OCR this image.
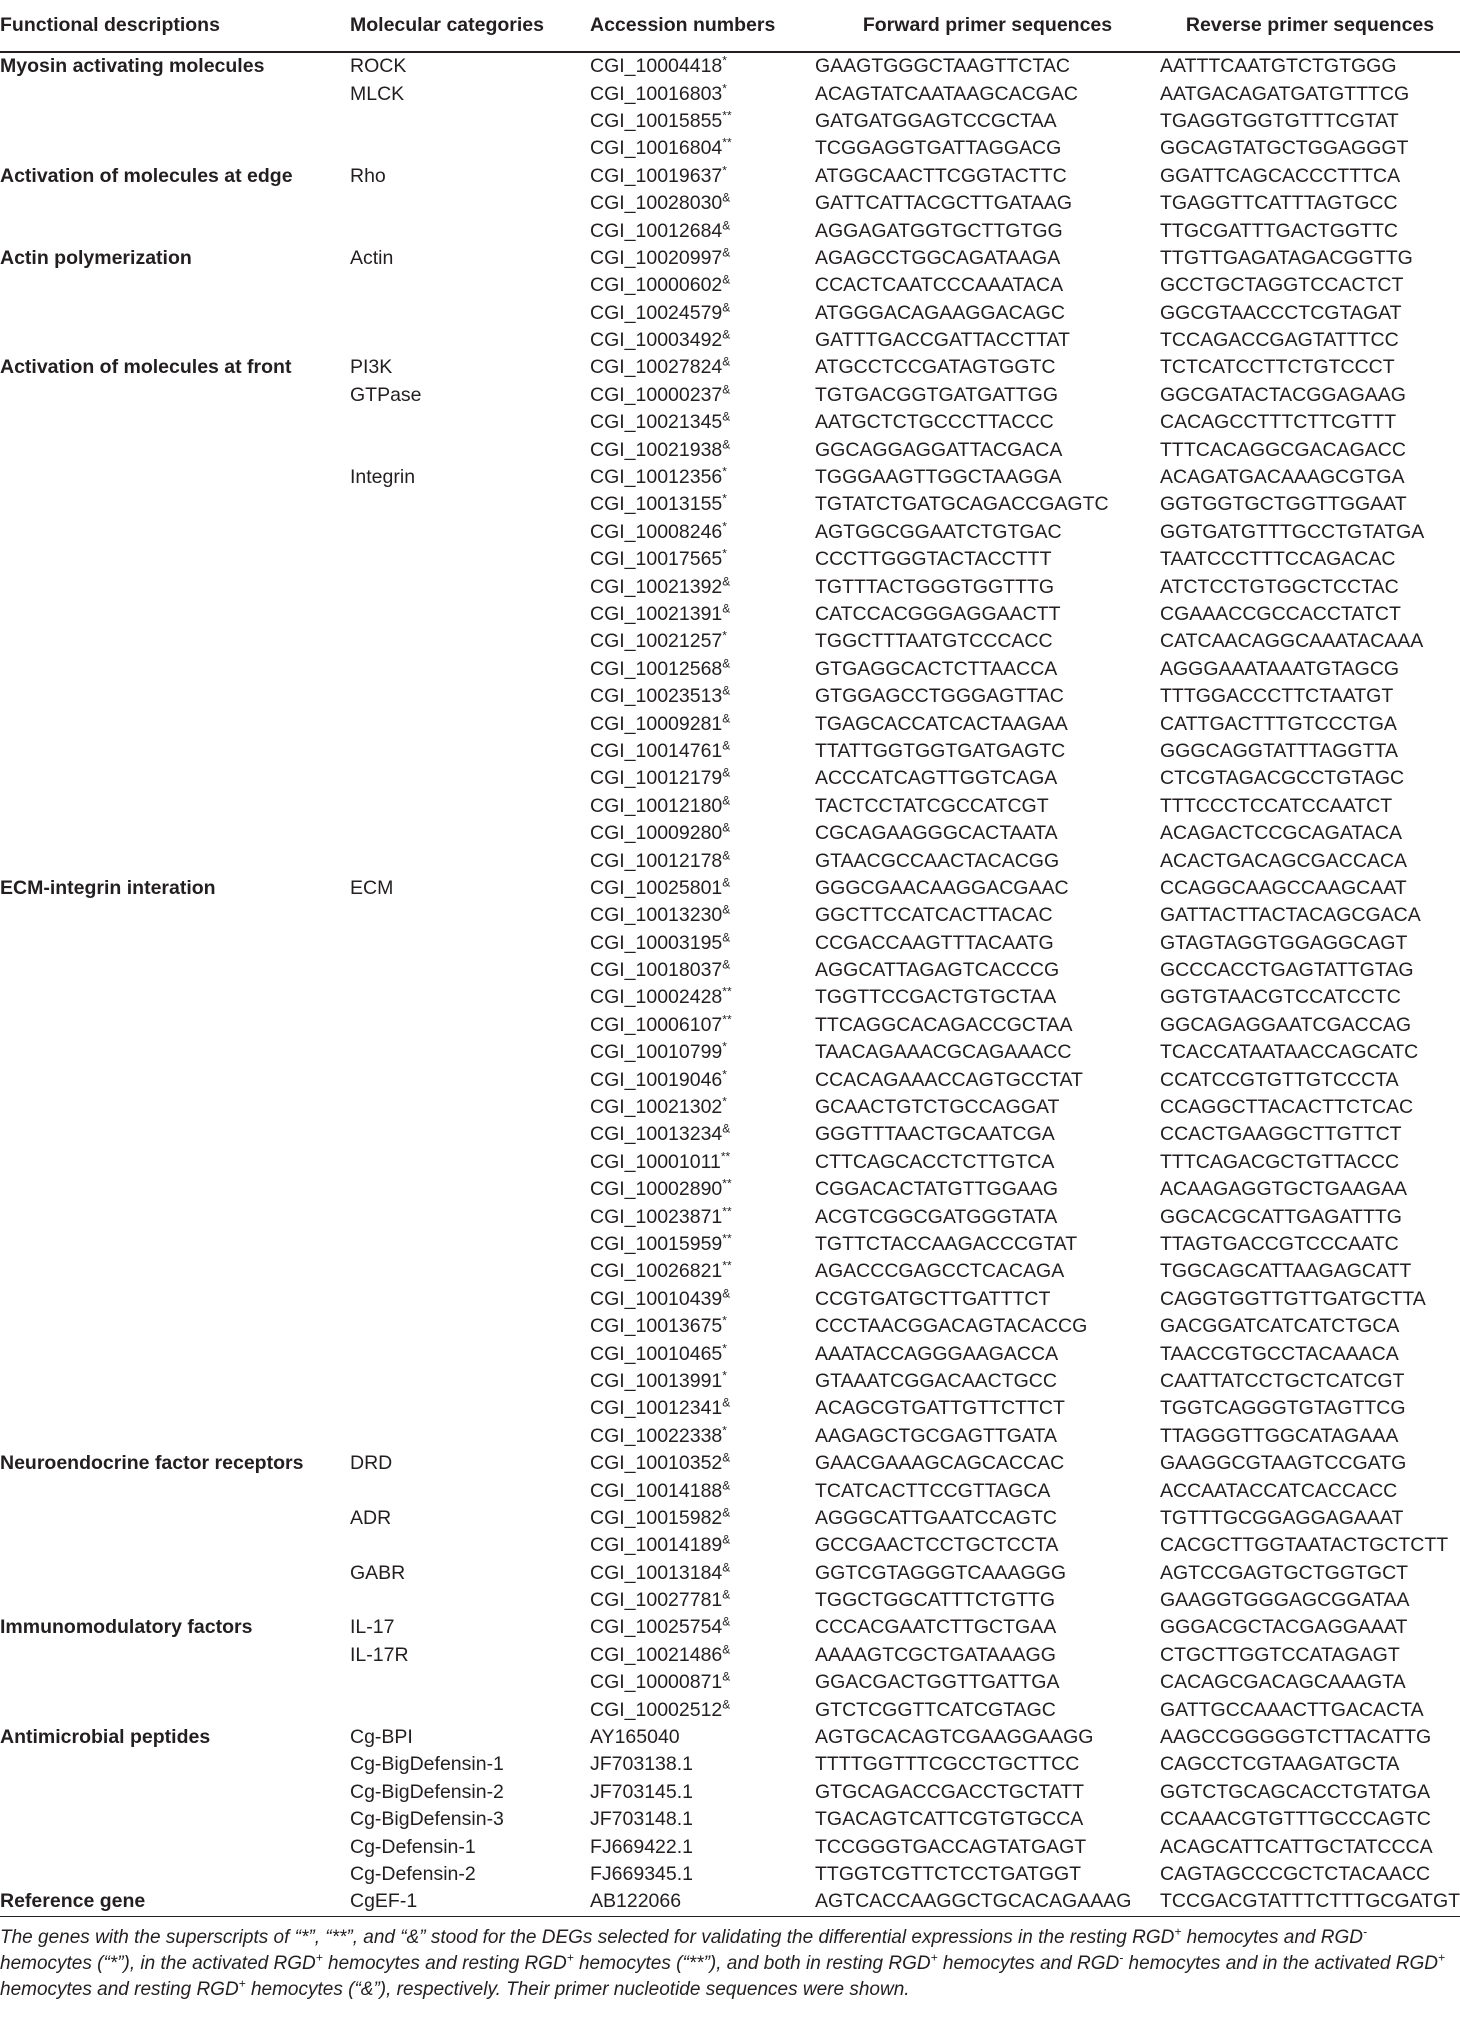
Functional descriptions	Molecular categories	Accession numbers	Forward primer sequences	Reverse primer sequences
Myosin activating molecules	ROCK	CGI_10004418*	GAAGTGGGCTAAGTTCTAC	AATTTCAATGTCTGTGGG
	MLCK	CGI_10016803*	ACAGTATCAATAAGCACGAC	AATGACAGATGATGTTTCG
		CGI_10015855**	GATGATGGAGTCCGCTAA	TGAGGTGGTGTTTCGTAT
		CGI_10016804**	TCGGAGGTGATTAGGACG	GGCAGTATGCTGGAGGGT
Activation of molecules at edge	Rho	CGI_10019637*	ATGGCAACTTCGGTACTTC	GGATTCAGCACCCTTTCA
		CGI_10028030&	GATTCATTACGCTTGATAAG	TGAGGTTCATTTAGTGCC
		CGI_10012684&	AGGAGATGGTGCTTGTGG	TTGCGATTTGACTGGTTC
Actin polymerization	Actin	CGI_10020997&	AGAGCCTGGCAGATAAGA	TTGTTGAGATAGACGGTTG
		CGI_10000602&	CCACTCAATCCCAAATACA	GCCTGCTAGGTCCACTCT
		CGI_10024579&	ATGGGACAGAAGGACAGC	GGCGTAACCCTCGTAGAT
		CGI_10003492&	GATTTGACCGATTACCTTAT	TCCAGACCGAGTATTTCC
Activation of molecules at front	PI3K	CGI_10027824&	ATGCCTCCGATAGTGGTC	TCTCATCCTTCTGTCCCT
	GTPase	CGI_10000237&	TGTGACGGTGATGATTGG	GGCGATACTACGGAGAAG
		CGI_10021345&	AATGCTCTGCCCTTACCC	CACAGCCTTTCTTCGTTT
		CGI_10021938&	GGCAGGAGGATTACGACA	TTTCACAGGCGACAGACC
	Integrin	CGI_10012356*	TGGGAAGTTGGCTAAGGA	ACAGATGACAAAGCGTGA
		CGI_10013155*	TGTATCTGATGCAGACCGAGTC	GGTGGTGCTGGTTGGAAT
		CGI_10008246*	AGTGGCGGAATCTGTGAC	GGTGATGTTTGCCTGTATGA
		CGI_10017565*	CCCTTGGGTACTACCTTT	TAATCCCTTTCCAGACAC
		CGI_10021392&	TGTTTACTGGGTGGTTTG	ATCTCCTGTGGCTCCTAC
		CGI_10021391&	CATCCACGGGAGGAACTT	CGAAACCGCCACCTATCT
		CGI_10021257*	TGGCTTTAATGTCCCACC	CATCAACAGGCAAATACAAA
		CGI_10012568&	GTGAGGCACTCTTAACCA	AGGGAAATAAATGTAGCG
		CGI_10023513&	GTGGAGCCTGGGAGTTAC	TTTGGACCCTTCTAATGT
		CGI_10009281&	TGAGCACCATCACTAAGAA	CATTGACTTTGTCCCTGA
		CGI_10014761&	TTATTGGTGGTGATGAGTC	GGGCAGGTATTTAGGTTA
		CGI_10012179&	ACCCATCAGTTGGTCAGA	CTCGTAGACGCCTGTAGC
		CGI_10012180&	TACTCCTATCGCCATCGT	TTTCCCTCCATCCAATCT
		CGI_10009280&	CGCAGAAGGGCACTAATA	ACAGACTCCGCAGATACA
		CGI_10012178&	GTAACGCCAACTACACGG	ACACTGACAGCGACCACA
ECM-integrin interation	ECM	CGI_10025801&	GGGCGAACAAGGACGAAC	CCAGGCAAGCCAAGCAAT
		CGI_10013230&	GGCTTCCATCACTTACAC	GATTACTTACTACAGCGACA
		CGI_10003195&	CCGACCAAGTTTACAATG	GTAGTAGGTGGAGGCAGT
		CGI_10018037&	AGGCATTAGAGTCACCCG	GCCCACCTGAGTATTGTAG
		CGI_10002428**	TGGTTCCGACTGTGCTAA	GGTGTAACGTCCATCCTC
		CGI_10006107**	TTCAGGCACAGACCGCTAA	GGCAGAGGAATCGACCAG
		CGI_10010799*	TAACAGAAACGCAGAAACC	TCACCATAATAACCAGCATC
		CGI_10019046*	CCACAGAAACCAGTGCCTAT	CCATCCGTGTTGTCCCTA
		CGI_10021302*	GCAACTGTCTGCCAGGAT	CCAGGCTTACACTTCTCAC
		CGI_10013234&	GGGTTTAACTGCAATCGA	CCACTGAAGGCTTGTTCT
		CGI_10001011**	CTTCAGCACCTCTTGTCA	TTTCAGACGCTGTTACCC
		CGI_10002890**	CGGACACTATGTTGGAAG	ACAAGAGGTGCTGAAGAA
		CGI_10023871**	ACGTCGGCGATGGGTATA	GGCACGCATTGAGATTTG
		CGI_10015959**	TGTTCTACCAAGACCCGTAT	TTAGTGACCGTCCCAATC
		CGI_10026821**	AGACCCGAGCCTCACAGA	TGGCAGCATTAAGAGCATT
		CGI_10010439&	CCGTGATGCTTGATTTCT	CAGGTGGTTGTTGATGCTTA
		CGI_10013675*	CCCTAACGGACAGTACACCG	GACGGATCATCATCTGCA
		CGI_10010465*	AAATACCAGGGAAGACCA	TAACCGTGCCTACAAACA
		CGI_10013991*	GTAAATCGGACAACTGCC	CAATTATCCTGCTCATCGT
		CGI_10012341&	ACAGCGTGATTGTTCTTCT	TGGTCAGGGTGTAGTTCG
		CGI_10022338*	AAGAGCTGCGAGTTGATA	TTAGGGTTGGCATAGAAA
Neuroendocrine factor receptors	DRD	CGI_10010352&	GAACGAAAGCAGCACCAC	GAAGGCGTAAGTCCGATG
		CGI_10014188&	TCATCACTTCCGTTAGCA	ACCAATACCATCACCACC
	ADR	CGI_10015982&	AGGGCATTGAATCCAGTC	TGTTTGCGGAGGAGAAAT
		CGI_10014189&	GCCGAACTCCTGCTCCTA	CACGCTTGGTAATACTGCTCTT
	GABR	CGI_10013184&	GGTCGTAGGGTCAAAGGG	AGTCCGAGTGCTGGTGCT
		CGI_10027781&	TGGCTGGCATTTCTGTTG	GAAGGTGGGAGCGGATAA
Immunomodulatory factors	IL-17	CGI_10025754&	CCCACGAATCTTGCTGAA	GGGACGCTACGAGGAAAT
	IL-17R	CGI_10021486&	AAAAGTCGCTGATAAAGG	CTGCTTGGTCCATAGAGT
		CGI_10000871&	GGACGACTGGTTGATTGA	CACAGCGACAGCAAAGTA
		CGI_10002512&	GTCTCGGTTCATCGTAGC	GATTGCCAAACTTGACACTA
Antimicrobial peptides	Cg-BPI	AY165040	AGTGCACAGTCGAAGGAAGG	AAGCCGGGGGTCTTACATTG
	Cg-BigDefensin-1	JF703138.1	TTTTGGTTTCGCCTGCTTCC	CAGCCTCGTAAGATGCTA
	Cg-BigDefensin-2	JF703145.1	GTGCAGACCGACCTGCTATT	GGTCTGCAGCACCTGTATGA
	Cg-BigDefensin-3	JF703148.1	TGACAGTCATTCGTGTGCCA	CCAAACGTGTTTGCCCAGTC
	Cg-Defensin-1	FJ669422.1	TCCGGGTGACCAGTATGAGT	ACAGCATTCATTGCTATCCCA
	Cg-Defensin-2	FJ669345.1	TTGGTCGTTCTCCTGATGGT	CAGTAGCCCGCTCTACAACC
Reference gene	CgEF-1	AB122066	AGTCACCAAGGCTGCACAGAAAG	TCCGACGTATTTCTTTGCGATGT
The genes with the superscripts of “*”, “**”, and “&” stood for the DEGs selected for validating the differential expressions in the resting RGD+ hemocytes and RGD- hemocytes (“*”), in the activated RGD+ hemocytes and resting RGD+ hemocytes (“**”), and both in resting RGD+ hemocytes and RGD- hemocytes and in the activated RGD+ hemocytes and resting RGD+ hemocytes (“&”), respectively. Their primer nucleotide sequences were shown.
